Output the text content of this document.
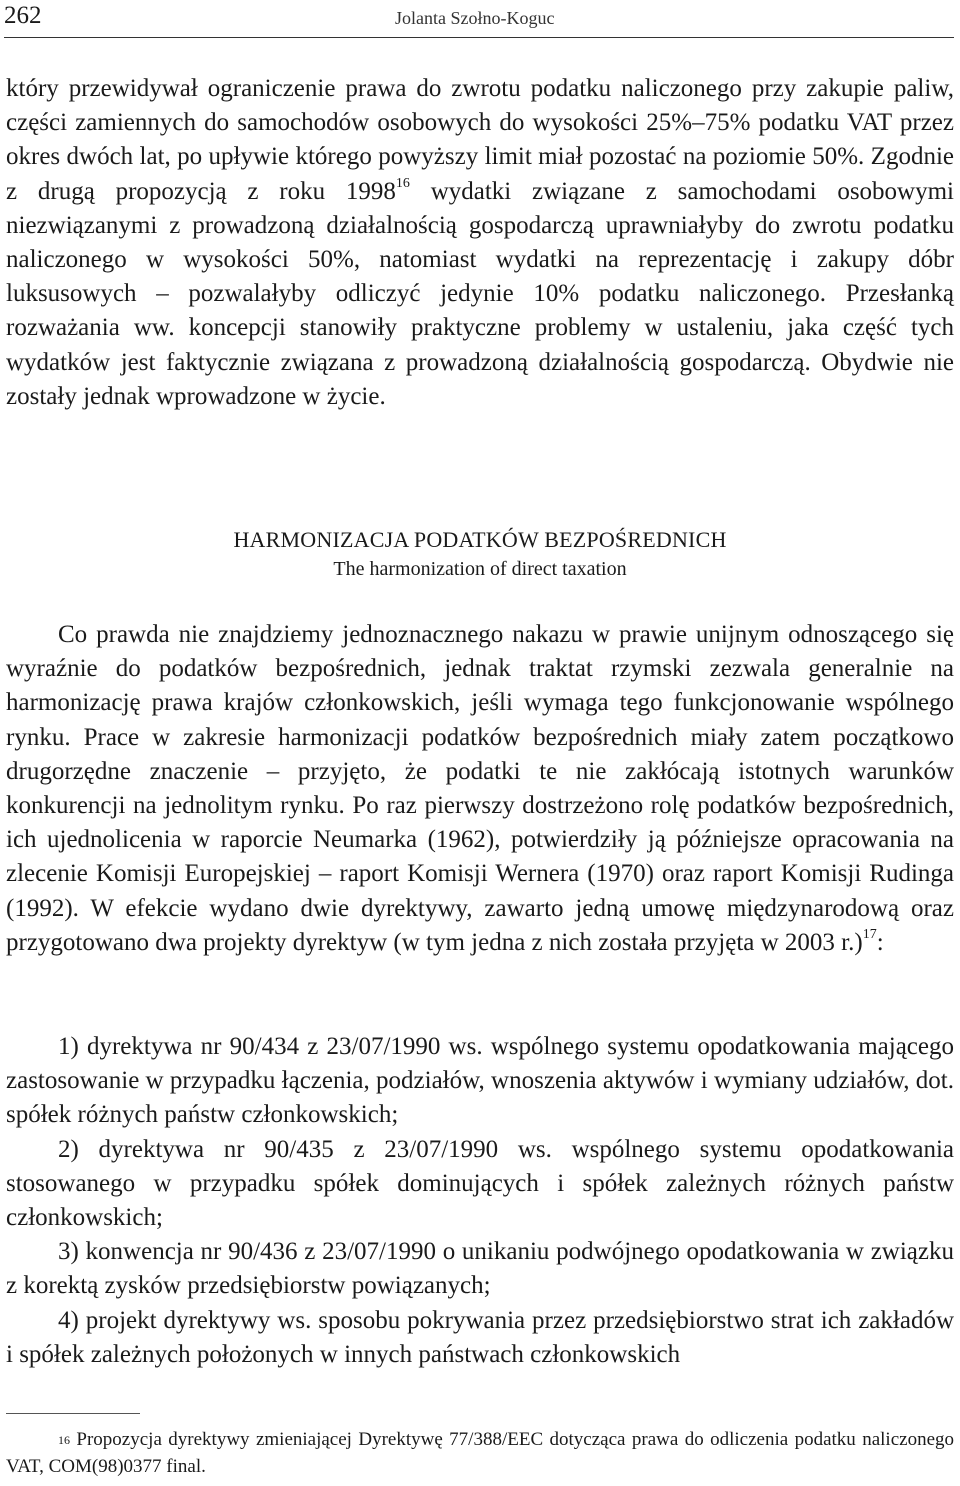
262	Jolanta Szołno-Koguc

który przewidywał ograniczenie prawa do zwrotu podatku naliczonego przy zakupie paliw, części zamiennych do samochodów osobowych do wysokości 25%–75% podatku VAT przez okres dwóch lat, po upływie którego powyższy limit miał pozostać na poziomie 50%. Zgodnie z drugą propozycją z roku 1998$^{16}$ wydatki związane z samochodami osobowymi niezwiązanymi z prowadzoną działalnością gospodarczą uprawniałyby do zwrotu podatku naliczonego w wysokości 50%, natomiast wydatki na reprezentację i zakupy dóbr luksusowych – pozwalałyby odliczyć jedynie 10% podatku naliczonego. Przesłanką rozważania ww. koncepcji stanowiły praktyczne problemy w ustaleniu, jaka część tych wydatków jest faktycznie związana z prowadzoną działalnością gospodarczą. Obydwie nie zostały jednak wprowadzone w życie.

HARMONIZACJA PODATKÓW BEZPOŚREDNICH
The harmonization of direct taxation

Co prawda nie znajdziemy jednoznacznego nakazu w prawie unijnym odnoszącego się wyraźnie do podatków bezpośrednich, jednak traktat rzymski zezwala generalnie na harmonizację prawa krajów członkowskich, jeśli wymaga tego funkcjonowanie wspólnego rynku. Prace w zakresie harmonizacji podatków bezpośrednich miały zatem początkowo drugorzędne znaczenie – przyjęto, że podatki te nie zakłócają istotnych warunków konkurencji na jednolitym rynku. Po raz pierwszy dostrzeżono rolę podatków bezpośrednich, ich ujednolicenia w raporcie Neumarka (1962), potwierdziły ją późniejsze opracowania na zlecenie Komisji Europejskiej – raport Komisji Wernera (1970) oraz raport Komisji Rudinga (1992). W efekcie wydano dwie dyrektywy, zawarto jedną umowę międzynarodową oraz przygotowano dwa projekty dyrektyw (w tym jedna z nich została przyjęta w 2003 r.)$^{17}$:

1) dyrektywa nr 90/434 z 23/07/1990 ws. wspólnego systemu opodatkowania mającego zastosowanie w przypadku łączenia, podziałów, wnoszenia aktywów i wymiany udziałów, dot. spółek różnych państw członkowskich;
2) dyrektywa nr 90/435 z 23/07/1990 ws. wspólnego systemu opodatkowania stosowanego w przypadku spółek dominujących i spółek zależnych różnych państw członkowskich;
3) konwencja nr 90/436 z 23/07/1990 o unikaniu podwójnego opodatkowania w związku z korektą zysków przedsiębiorstw powiązanych;
4) projekt dyrektywy ws. sposobu pokrywania przez przedsiębiorstwo strat ich zakładów i spółek zależnych położonych w innych państwach członkowskich

$^{16}$ Propozycja dyrektywy zmieniającej Dyrektywę 77/388/EEC dotycząca prawa do odliczenia podatku naliczonego VAT, COM(98)0377 final.
